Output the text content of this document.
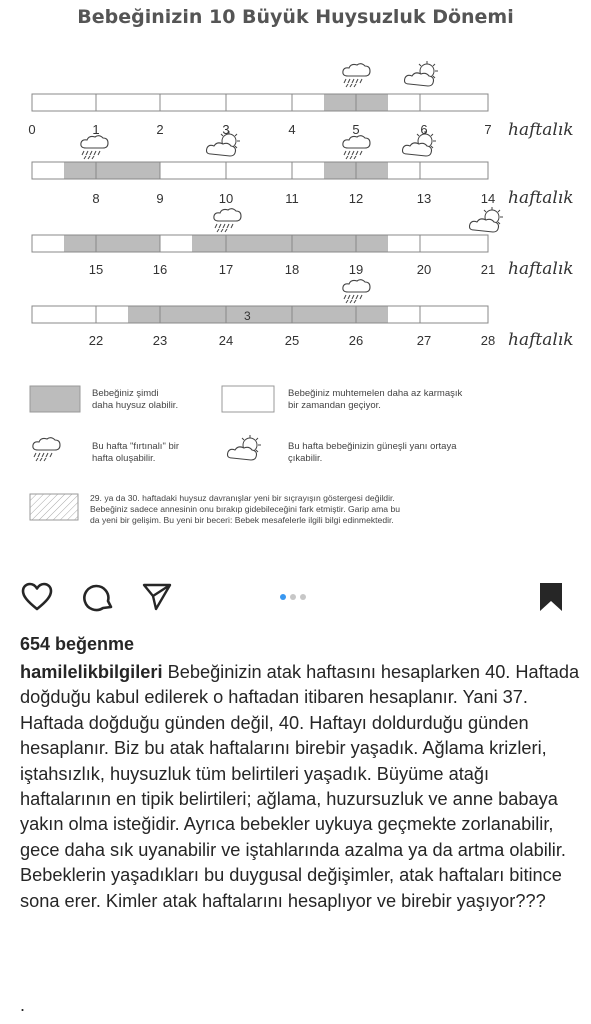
Bebeğinizin 10 Büyük Huysuzluk Dönemi
3
0	1	2	3	4	5	6	7
8	9	10	11	12	13	14
15	16	17	18	19	20	21
22	23	24	25	26	27	28
haftalık
haftalık
haftalık
haftalık
Bebeğiniz şimdi
daha huysuz olabilir.
Bebeğiniz muhtemelen daha az karmaşık
bir zamandan geçiyor.
Bu hafta "fırtınalı" bir
hafta oluşabilir.
Bu hafta bebeğinizin güneşli yanı ortaya
çıkabilir.
29. ya da 30. haftadaki huysuz davranışlar yeni bir sıçrayışın göstergesi değildir.
Bebeğiniz sadece annesinin onu bırakıp gidebileceğini fark etmiştir. Garip ama bu
da yeni bir gelişim. Bu yeni bir beceri: Bebek mesafelerle ilgili bilgi edinmektedir.
654 beğenme
hamilelikbilgileri Bebeğinizin atak haftasını hesaplarken 40. Haftada doğduğu kabul edilerek o haftadan itibaren hesaplanır. Yani 37. Haftada doğduğu günden değil, 40. Haftayı doldurduğu günden hesaplanır. Biz bu atak haftalarını birebir yaşadık. Ağlama krizleri, iştahsızlık, huysuzluk tüm belirtileri yaşadık. Büyüme atağı haftalarının en tipik belirtileri; ağlama, huzursuzluk ve anne babaya yakın olma isteğidir. Ayrıca bebekler uykuya geçmekte zorlanabilir, gece daha sık uyanabilir ve iştahlarında azalma ya da artma olabilir. Bebeklerin yaşadıkları bu duygusal değişimler, atak haftaları bitince sona erer. Kimler atak haftalarını hesaplıyor ve birebir yaşıyor???
.
